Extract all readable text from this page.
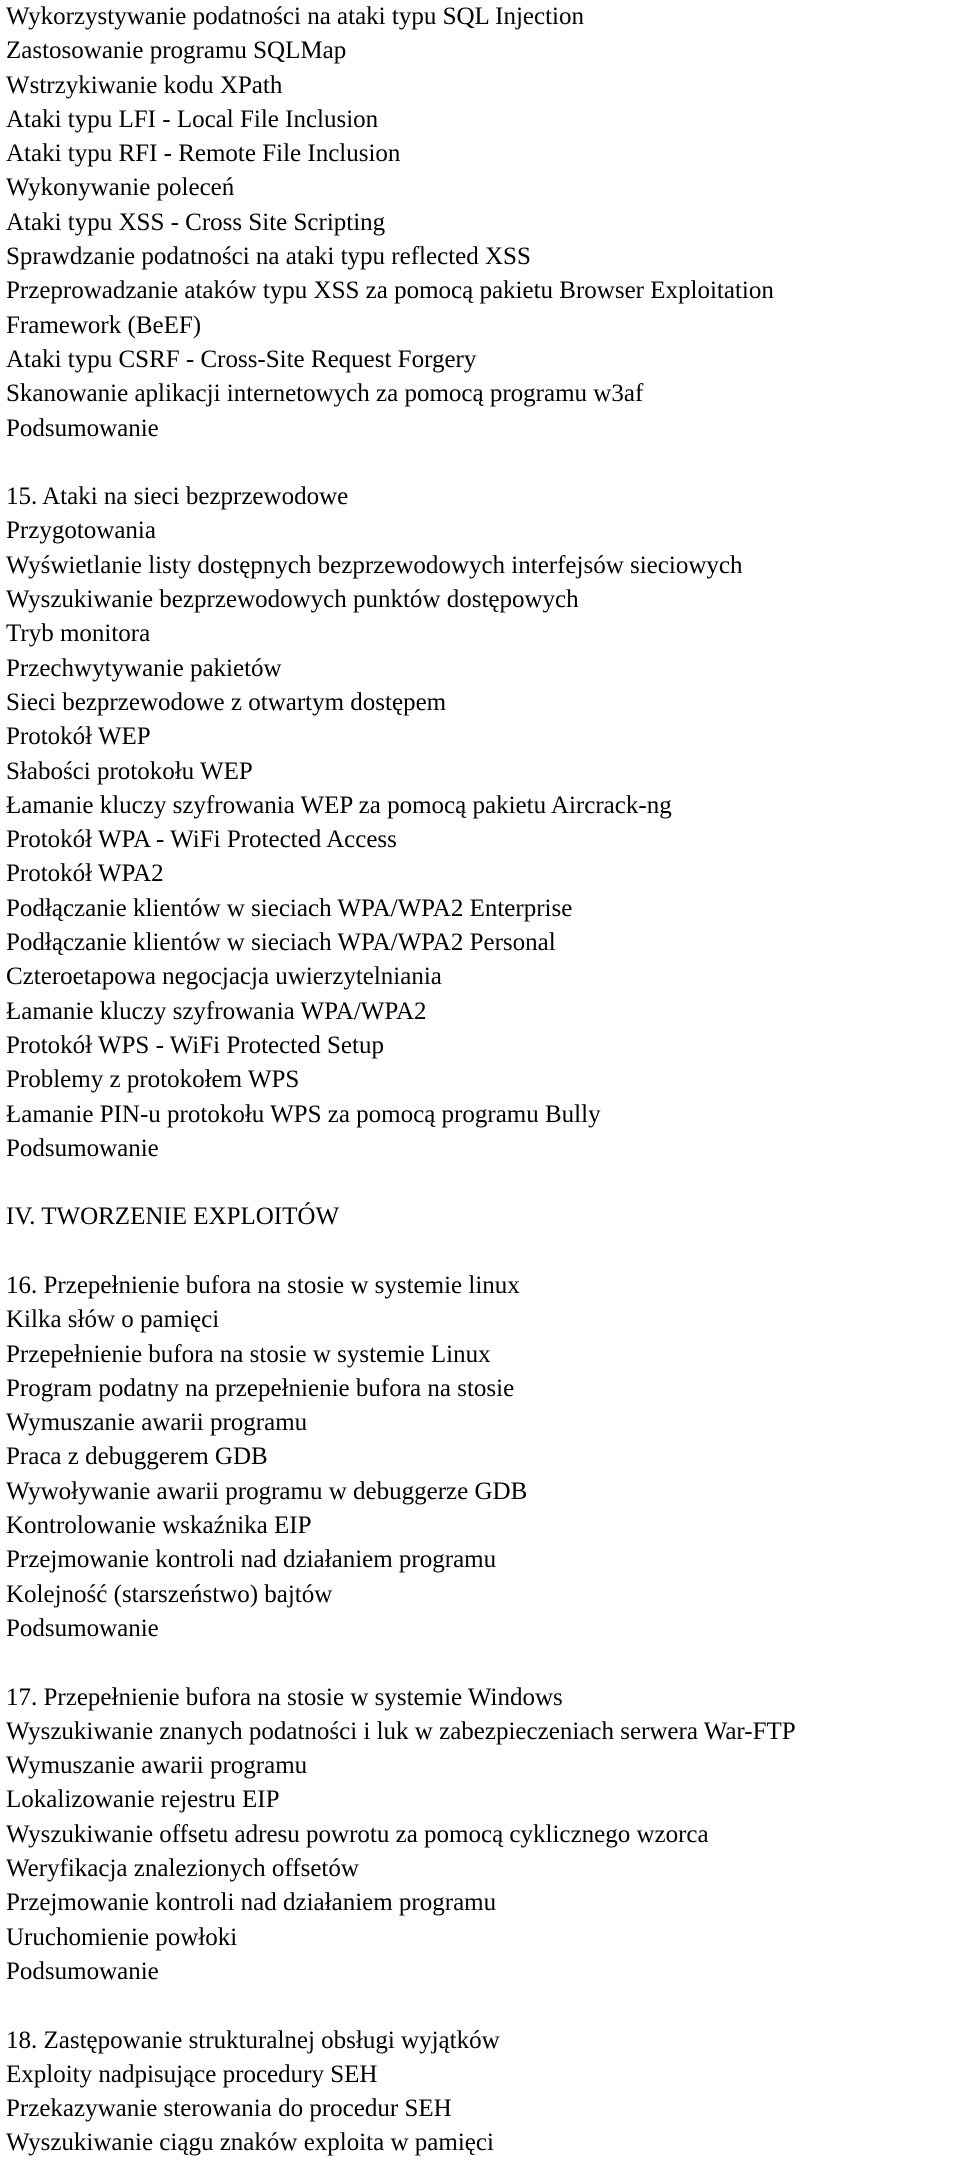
Wykorzystywanie podatności na ataki typu SQL Injection
Zastosowanie programu SQLMap
Wstrzykiwanie kodu XPath
Ataki typu LFI - Local File Inclusion
Ataki typu RFI - Remote File Inclusion
Wykonywanie poleceń
Ataki typu XSS - Cross Site Scripting
Sprawdzanie podatności na ataki typu reflected XSS
Przeprowadzanie ataków typu XSS za pomocą pakietu Browser Exploitation
Framework (BeEF)
Ataki typu CSRF - Cross-Site Request Forgery
Skanowanie aplikacji internetowych za pomocą programu w3af
Podsumowanie
15. Ataki na sieci bezprzewodowe
Przygotowania
Wyświetlanie listy dostępnych bezprzewodowych interfejsów sieciowych
Wyszukiwanie bezprzewodowych punktów dostępowych
Tryb monitora
Przechwytywanie pakietów
Sieci bezprzewodowe z otwartym dostępem
Protokół WEP
Słabości protokołu WEP
Łamanie kluczy szyfrowania WEP za pomocą pakietu Aircrack-ng
Protokół WPA - WiFi Protected Access
Protokół WPA2
Podłączanie klientów w sieciach WPA/WPA2 Enterprise
Podłączanie klientów w sieciach WPA/WPA2 Personal
Czteroetapowa negocjacja uwierzytelniania
Łamanie kluczy szyfrowania WPA/WPA2
Protokół WPS - WiFi Protected Setup
Problemy z protokołem WPS
Łamanie PIN-u protokołu WPS za pomocą programu Bully
Podsumowanie
IV. TWORZENIE EXPLOITÓW
16. Przepełnienie bufora na stosie w systemie linux
Kilka słów o pamięci
Przepełnienie bufora na stosie w systemie Linux
Program podatny na przepełnienie bufora na stosie
Wymuszanie awarii programu
Praca z debuggerem GDB
Wywoływanie awarii programu w debuggerze GDB
Kontrolowanie wskaźnika EIP
Przejmowanie kontroli nad działaniem programu
Kolejność (starszeństwo) bajtów
Podsumowanie
17. Przepełnienie bufora na stosie w systemie Windows
Wyszukiwanie znanych podatności i luk w zabezpieczeniach serwera War-FTP
Wymuszanie awarii programu
Lokalizowanie rejestru EIP
Wyszukiwanie offsetu adresu powrotu za pomocą cyklicznego wzorca
Weryfikacja znalezionych offsetów
Przejmowanie kontroli nad działaniem programu
Uruchomienie powłoki
Podsumowanie
18. Zastępowanie strukturalnej obsługi wyjątków
Exploity nadpisujące procedury SEH
Przekazywanie sterowania do procedur SEH
Wyszukiwanie ciągu znaków exploita w pamięci
